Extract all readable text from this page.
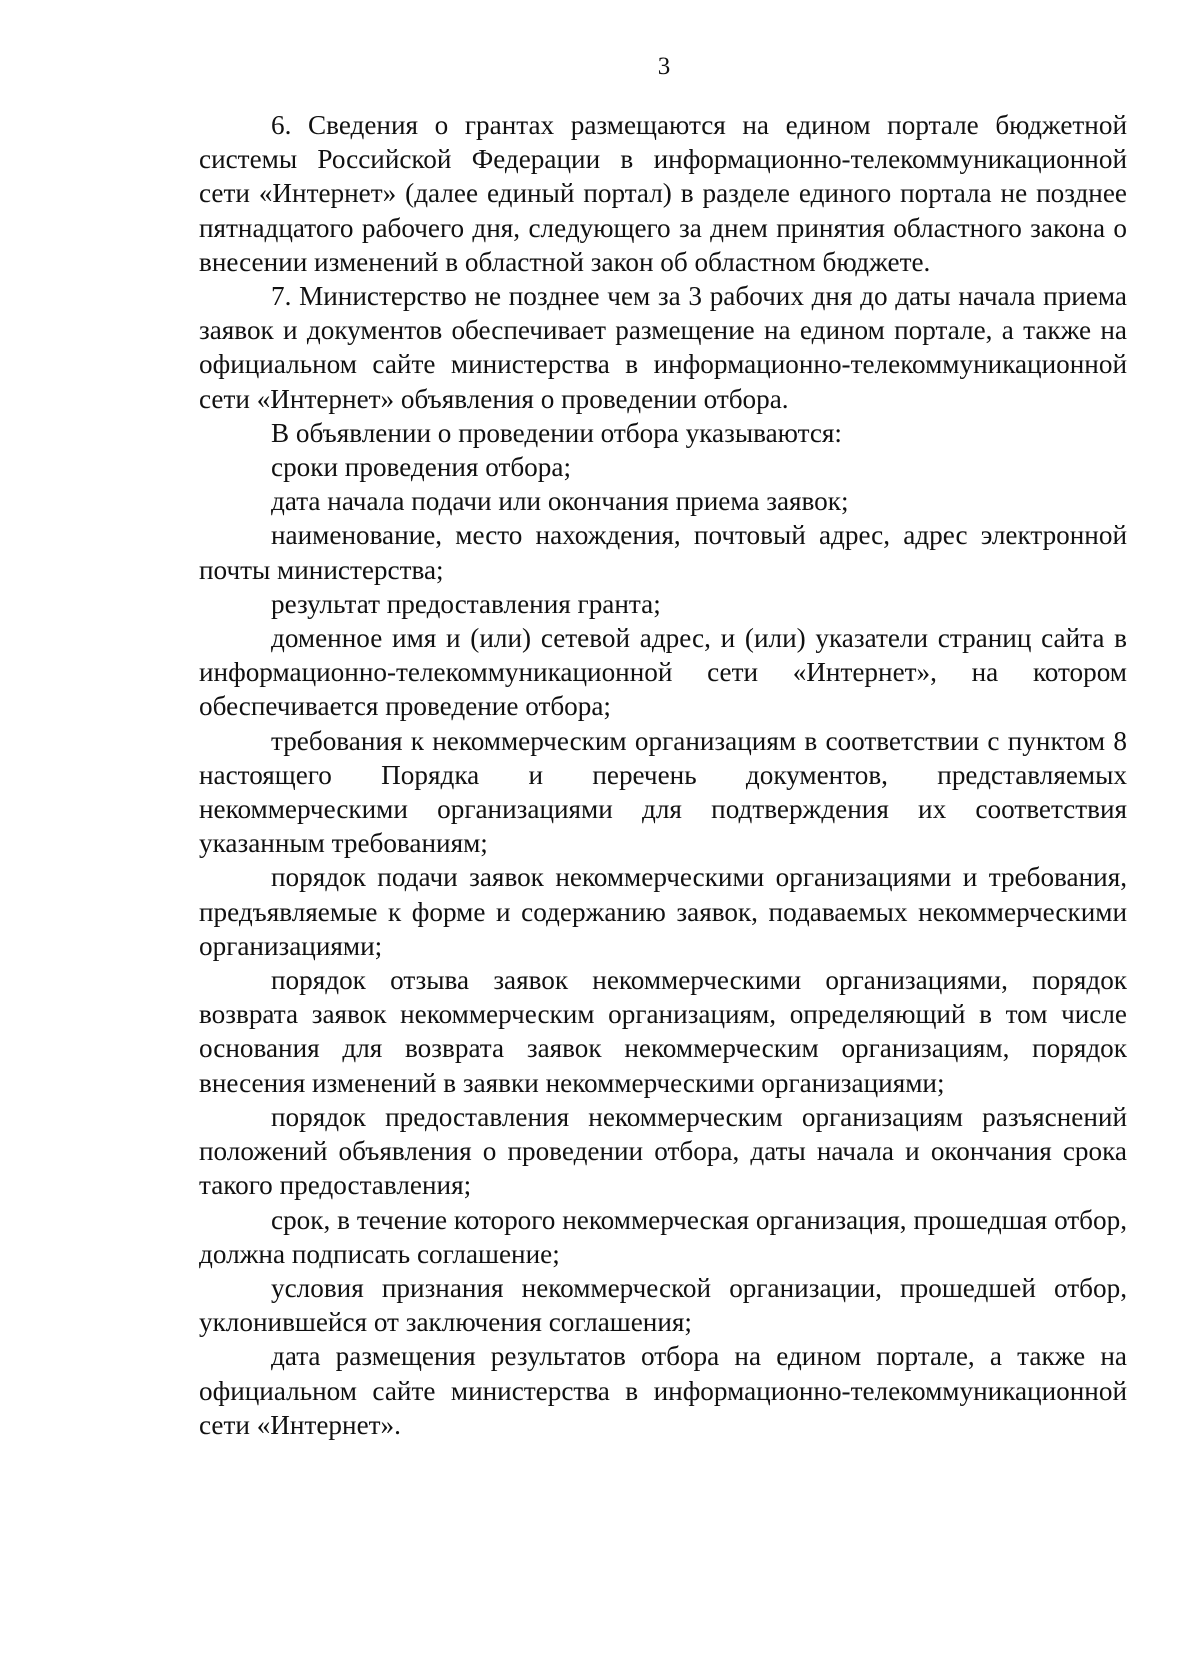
3

6. Сведения о грантах размещаются на едином портале бюджетной системы Российской Федерации в информационно-телекоммуникационной сети «Интернет» (далее единый портал) в разделе единого портала не позднее пятнадцатого рабочего дня, следующего за днем принятия областного закона о внесении изменений в областной закон об областном бюджете.

7. Министерство не позднее чем за 3 рабочих дня до даты начала приема заявок и документов обеспечивает размещение на едином портале, а также на официальном сайте министерства в информационно-телекоммуникационной сети «Интернет» объявления о проведении отбора.

В объявлении о проведении отбора указываются:

сроки проведения отбора;

дата начала подачи или окончания приема заявок;

наименование, место нахождения, почтовый адрес, адрес электронной почты министерства;

результат предоставления гранта;

доменное имя и (или) сетевой адрес, и (или) указатели страниц сайта в информационно-телекоммуникационной сети «Интернет», на котором обеспечивается проведение отбора;

требования к некоммерческим организациям в соответствии с пунктом 8 настоящего Порядка и перечень документов, представляемых некоммерческими организациями для подтверждения их соответствия указанным требованиям;

порядок подачи заявок некоммерческими организациями и требования, предъявляемые к форме и содержанию заявок, подаваемых некоммерческими организациями;

порядок отзыва заявок некоммерческими организациями, порядок возврата заявок некоммерческим организациям, определяющий в том числе основания для возврата заявок некоммерческим организациям, порядок внесения изменений в заявки некоммерческими организациями;

порядок предоставления некоммерческим организациям разъяснений положений объявления о проведении отбора, даты начала и окончания срока такого предоставления;

срок, в течение которого некоммерческая организация, прошедшая отбор, должна подписать соглашение;

условия признания некоммерческой организации, прошедшей отбор, уклонившейся от заключения соглашения;

дата размещения результатов отбора на едином портале, а также на официальном сайте министерства в информационно-телекоммуникационной сети «Интернет».
